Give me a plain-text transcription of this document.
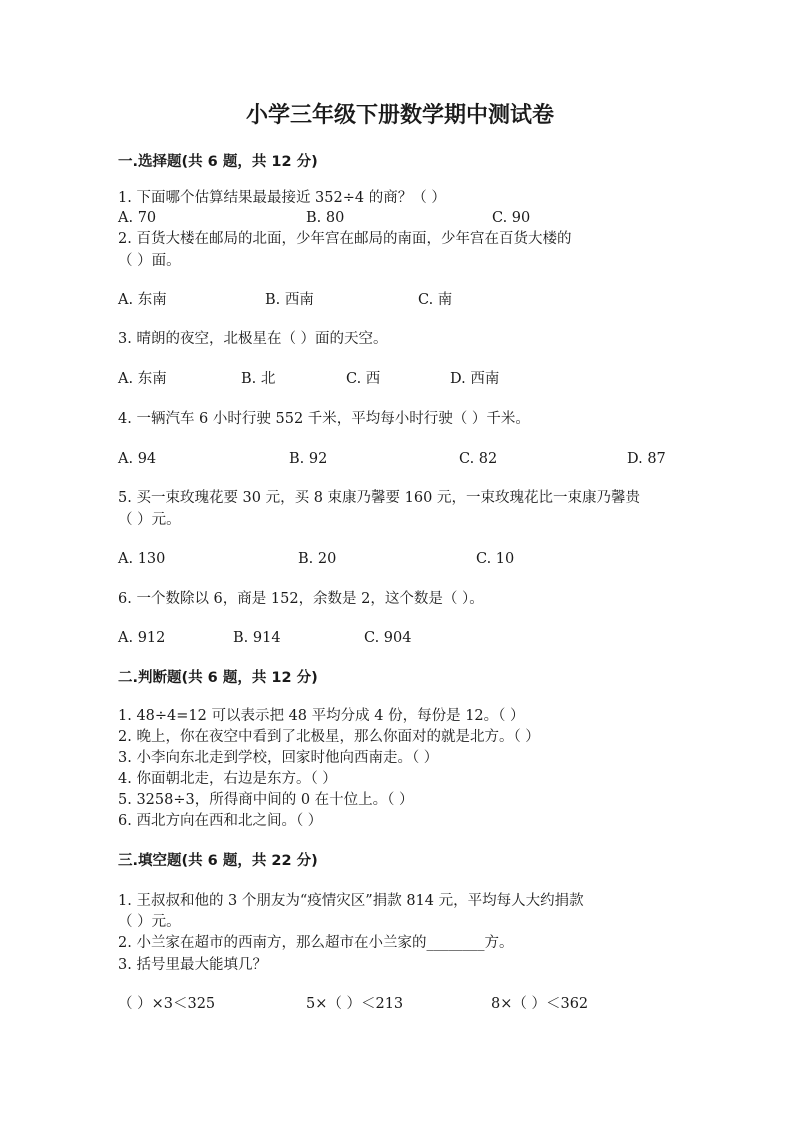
小学三年级下册数学期中测试卷
一.选择题(共 6 题，共 12 分)
1. 下面哪个估算结果最最接近 352÷4 的商？（ ）
A. 70	B. 80	C. 90
2. 百货大楼在邮局的北面，少年宫在邮局的南面，少年宫在百货大楼的
（ ）面。
A. 东南	B. 西南	C. 南
3. 晴朗的夜空，北极星在（ ）面的天空。
A. 东南	B. 北	C. 西	D. 西南
4. 一辆汽车 6 小时行驶 552 千米，平均每小时行驶（ ）千米。
A. 94	B. 92	C. 82	D. 87
5. 买一束玫瑰花要 30 元，买 8 束康乃馨要 160 元，一束玫瑰花比一束康乃馨贵
（ ）元。
A. 130	B. 20	C. 10
6. 一个数除以 6，商是 152，余数是 2，这个数是（ ）。
A. 912	B. 914	C. 904
二.判断题(共 6 题，共 12 分)
1. 48÷4=12 可以表示把 48 平均分成 4 份，每份是 12。（ ）
2. 晚上，你在夜空中看到了北极星，那么你面对的就是北方。（ ）
3. 小李向东北走到学校，回家时他向西南走。（ ）
4. 你面朝北走，右边是东方。（ ）
5. 3258÷3，所得商中间的 0 在十位上。（ ）
6. 西北方向在西和北之间。（ ）
三.填空题(共 6 题，共 22 分)
1. 王叔叔和他的 3 个朋友为“疫情灾区”捐款 814 元，平均每人大约捐款
（ ）元。
2. 小兰家在超市的西南方，那么超市在小兰家的________方。
3. 括号里最大能填几？
（ ）×3＜325	5×（ ）＜213	8×（ ）＜362
